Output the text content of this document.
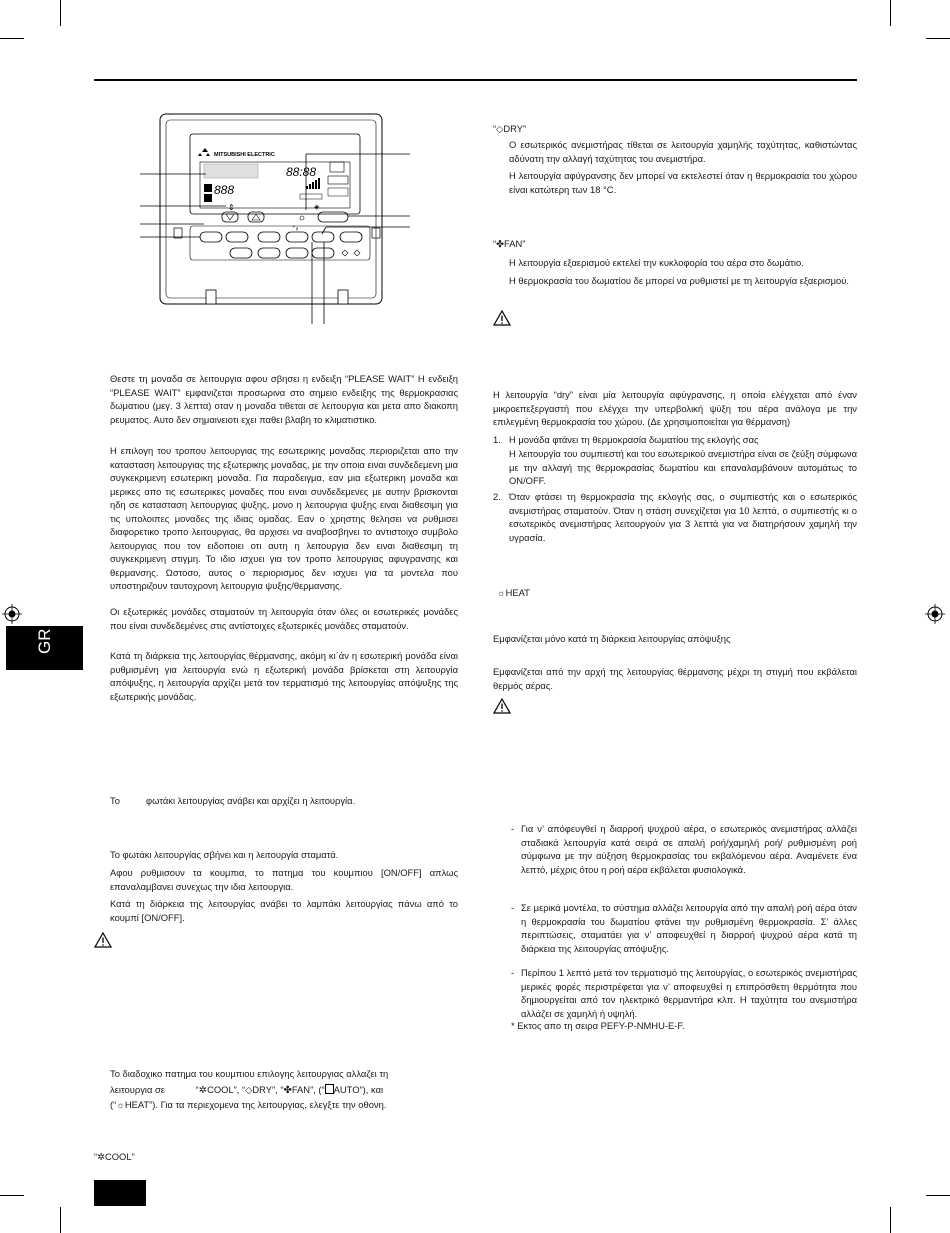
GR
MITSUBISHI ELECTRIC
88:88
888
⇕	◈
⁺ᵢₗ

Θεστε τη μοναδα σε λειτουργια αφου σβησει η ενδειξη “PLEASE WAIT” Η ενδειξη “PLEASE WAIT” εμφανιζεται προσωρινα στο σημειο ενδειξης της θερμοκρασιας δωματιου (μεγ. 3 λεπτα) οταν η μοναδα τιθεται σε λειτουργια και μετα απο διακοπη ρευματος. Αυτο δεν σημαινειοτι εχει παθει βλαβη το κλιματιστικο.

Η επιλογη του τροπου λειτουργιας της εσωτερικης μοναδας περιοριζεται απο την κατασταση λειτουργιας της εξωτερικης μοναδας, με την οποια ειναι συνδεδεμενη μια συγκεκριμενη εσωτερικη μοναδα. Για παραδειγμα, εαν μια εξωτερικη μοναδα και μερικες απο τις εσωτερικες μοναδες που ειναι συνδεδεμενες με αυτην βρισκονται ηδη σε κατασταση λειτουργιας ψυξης, μονο η λειτουργια ψυξης ειναι διαθεσιμη για τις υπολοιπες μοναδες της ιδιας ομαδας. Εαν ο χρηστης θελησει να ρυθμισει διαφορετικο τροπο λειτουργιας, θα αρχισει να αναβοσβηνει το αντιστοιχο συμβολο λειτουργιας που τον ειδοποιει οτι αυτη η λειτουργια δεν ειναι διαθεσιμη τη συγκεκριμενη στιγμη. Το ιδιο ισχυει για τον τροπο λειτουργιας αφυγρανσης και θερμανσης. Ωστοσο, αυτος ο περιορισμος δεν ισχυει για τα μοντελα που υποστηριζουν ταυτοχρονη λειτουργια ψυξης/θερμανσης.

Οι εξωτερικές μονάδες σταματούν τη λειτουργία όταν όλες οι εσωτερικές μονάδες που είναι συνδεδεμένες στις αντίστοιχες εξωτερικές μονάδες σταματούν.

Κατά τη διάρκεια της λειτουργίας θέρμανσης, ακόμη κι΄άν η εσωτερική μονάδα είναι ρυθμισμένη για λειτουργία ενώ η εξωτερική μονάδα βρίσκεται στη λειτουργία απόψυξης, η λειτουργία αρχίζει μετά τον τερματισμό της λειτουργίας απόψυξης της εξωτερικής μονάδας.

Το	φωτάκι λειτουργίας ανάβει και αρχίζει η λειτουργία.

Το φωτάκι λειτουργίας σβήνει και η λειτουργία σταματά.

Αφου ρυθμισουν τα κουμπια, το πατημα του κουμπιου [ON/OFF] απλως επαναλαμβανει συνεχως την ιδια λειτουργια.

Κατά τη διάρκεια της λειτουργίας ανάβει το λαμπάκι λειτουργίας πάνω από το κουμπί [ON/OFF].

Το διαδοχικο πατημα του κουμπιου επιλογης λειτουργιας αλλαζει τη
λειτουργια σε	“✲COOL”, “◇DRY”, “✤FAN”, (“ AUTO”), και
(“☼HEAT”). Για τα περιεχομενα της λειτουργιας, ελεγξτε την οθονη.
“✲COOL”
“◇DRY”

Ο εσωτερικός ανεμιστήρας τίθεται σε λειτουργία χαμηλής ταχύτητας, καθιστώντας αδύνατη την αλλαγή ταχύτητας του ανεμιστήρα.

Η λειτουργία αφύγρανσης δεν μπορεί να εκτελεστεί όταν η θερμοκρασία του χώρου είναι κατώτερη των 18 °C.

“✤FAN”

Η λειτουργία εξαερισμού εκτελεί την κυκλοφορία του αέρα στο δωμάτιο.

Η θερμοκρασία του δωματίου δε μπορεί να ρυθμιστεί με τη λειτουργία εξαερισμού.

Η λειτουργία “dry” είναι μία λειτουργία αφύγρανσης, η οποία ελέγχεται από έναν μικροεπεξεργαστή που ελέγχει την υπερβολική ψύξη του αέρα ανάλογα με την επιλεγμένη θερμοκρασία του χώρου. (Δε χρησιμοποιείται για θέρμανση)

1. Η μονάδα φτάνει τη θερμοκρασία δωματίου της εκλογής σας

Η λειτουργία του συμπιεστή και του εσωτερικού ανεμιστήρα είναι σε ζεύξη σύμφωνα με την αλλαγή της θερμοκρασίας δωματίου και επαναλαμβάνουν αυτομάτως το ON/OFF.

2. Όταν φτάσει τη θερμοκρασία της εκλογής σας, ο συμπιεστής και ο εσωτερικός ανεμιστήρας σταματούν. Όταν η στάση συνεχίζεται για 10 λεπτά, ο συμπιεστής κι ο εσωτερικός ανεμιστήρας λειτουργούν για 3 λεπτά για να διατηρήσουν χαμηλή την υγρασία.

☼HEAT

Εμφανίζεται μόνο κατά τη διάρκεια λειτουργίας απόψυξης

Εμφανίζεται από την αρχή της λειτουργίας θέρμανσης μέχρι τη στιγμή που εκβάλεται θερμός αέρας.

- Για ν’ απόφευγθεί η διαρροή ψυχρού αέρα, ο εσωτερικός ανεμιστήρας αλλάζει σταδιακά λειτουργία κατά σειρά σε απαλή ροή/χαμηλή ροή/ ρυθμισμένη ροή σύμφωνα με την αύξηση θερμοκρασίας του εκβαλόμενου αέρα. Αναμένετε ένα λεπτό, μέχρις ότου η ροή αέρα εκβάλεται φυσιολογικά.

- Σε μερικά μοντέλα, το σύστημα αλλάζει λειτουργία από την απαλή ροή αέρα όταν η θερμοκρασία του δωματίου φτάνει την ρυθμισμένη θερμοκρασία. Σ’ άλλες περιπτώσεις, σταματάει για ν’ αποφευχθεί η διαρροή ψυχρού αέρα κατά τη διάρκεια της λειτουργίας απόψυξης.

- Περίπου 1 λεπτό μετά τον τερματισμό της λειτουργίας, ο εσωτερικός ανεμιστήρας μερικές φορές περιστρέφεται για ν’ αποφευχθεί η επιπρόσθετη θερμότητα που δημιουργείται από τον ηλεκτρικό θερμαντήρα κλπ. Η ταχύτητα του ανεμιστήρα αλλάζει σε χαμηλή ή υψηλή.

* Εκτος απο τη σειρα PEFY-P-NMHU-E-F.
